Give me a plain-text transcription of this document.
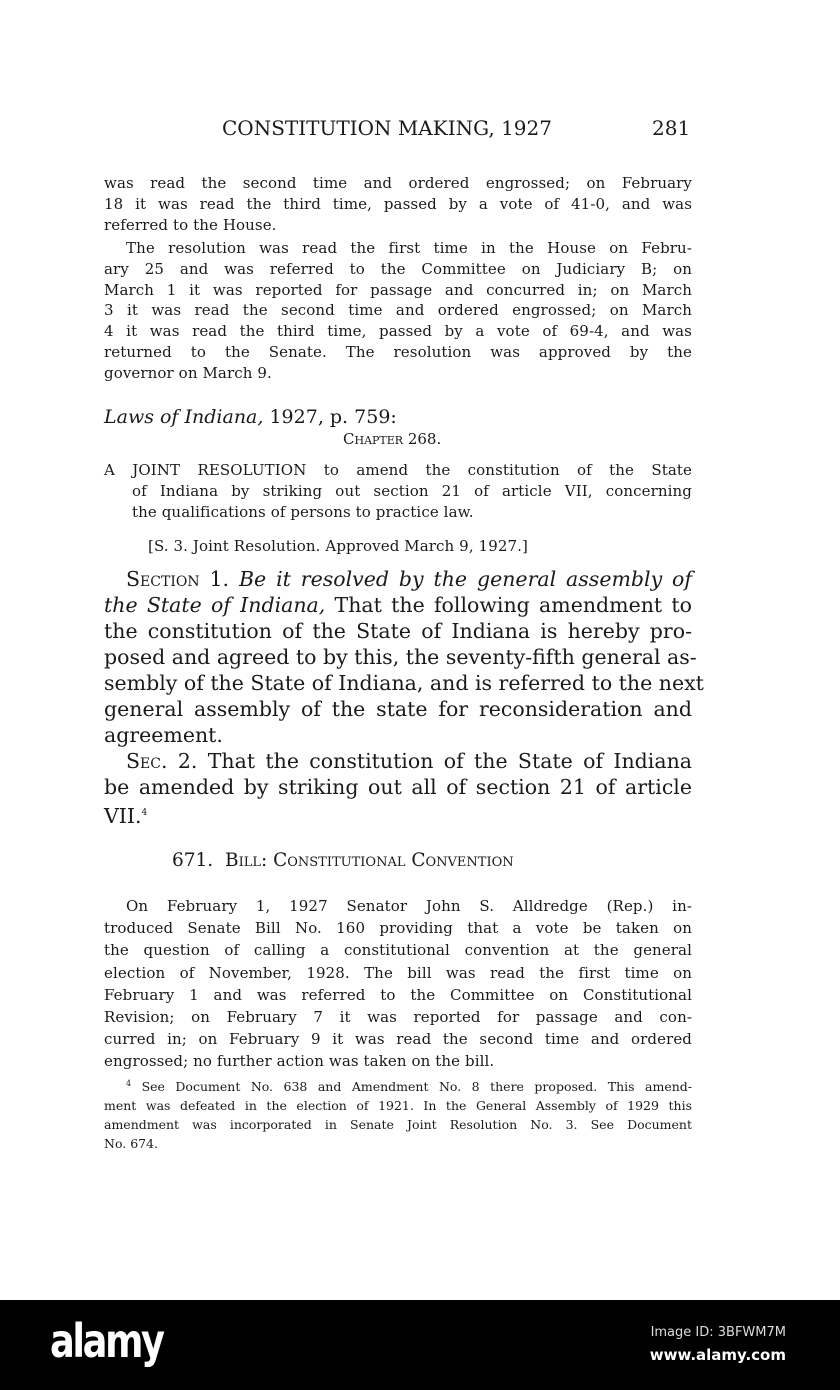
CONSTITUTION MAKING, 1927	281
was read the second time and ordered engrossed; on February
18 it was read the third time, passed by a vote of 41-0, and was
referred to the House.
The resolution was read the first time in the House on Febru-
ary 25 and was referred to the Committee on Judiciary B; on
March 1 it was reported for passage and concurred in; on March
3 it was read the second time and ordered engrossed; on March
4 it was read the third time, passed by a vote of 69-4, and was
returned to the Senate. The resolution was approved by the
governor on March 9.
Laws of Indiana, 1927, p. 759:
Chapter 268.
A JOINT RESOLUTION to amend the constitution of the State
of Indiana by striking out section 21 of article VII, concerning
the qualifications of persons to practice law.
[S. 3. Joint Resolution. Approved March 9, 1927.]
Section 1. Be it resolved by the general assembly of
the State of Indiana, That the following amendment to
the constitution of the State of Indiana is hereby pro-
posed and agreed to by this, the seventy-fifth general as-
sembly of the State of Indiana, and is referred to the next
general assembly of the state for reconsideration and
agreement.
Sec. 2. That the constitution of the State of Indiana
be amended by striking out all of section 21 of article
VII.$^4$
671. Bill: Constitutional Convention
On February 1, 1927 Senator John S. Alldredge (Rep.) in-
troduced Senate Bill No. 160 providing that a vote be taken on
the question of calling a constitutional convention at the general
election of November, 1928. The bill was read the first time on
February 1 and was referred to the Committee on Constitutional
Revision; on February 7 it was reported for passage and con-
curred in; on February 9 it was read the second time and ordered
engrossed; no further action was taken on the bill.
$^4$ See Document No. 638 and Amendment No. 8 there proposed. This amend-
ment was defeated in the election of 1921. In the General Assembly of 1929 this
amendment was incorporated in Senate Joint Resolution No. 3. See Document
No. 674.
alamy	Image ID: 3BFWM7M
www.alamy.com
